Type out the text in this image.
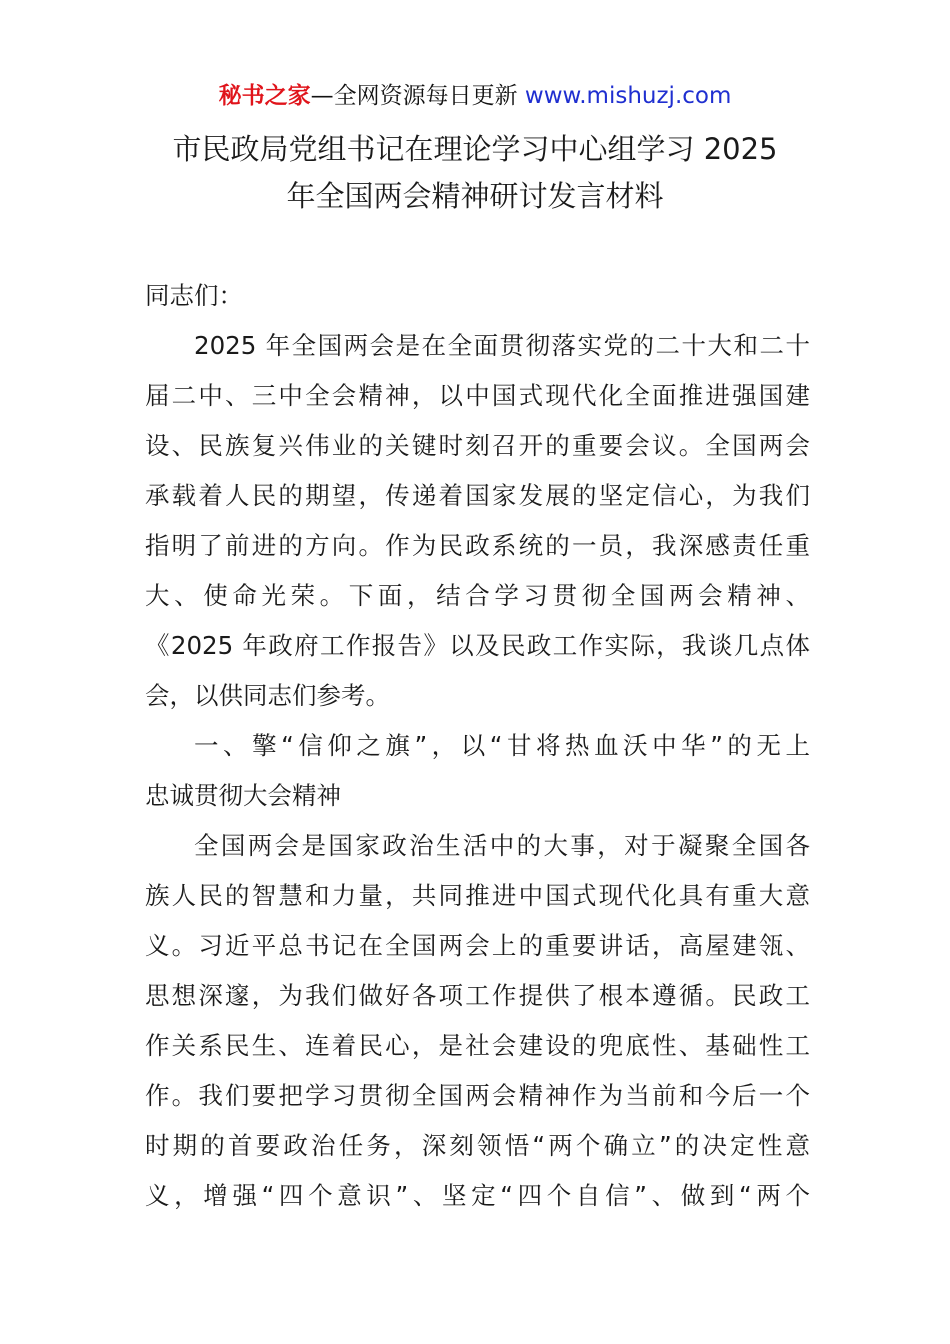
秘书之家—全网资源每日更新 www.mishuzj.com
市民政局党组书记在理论学习中心组学习 2025
年全国两会精神研讨发言材料
同志们：
2025 年全国两会是在全面贯彻落实党的二十大和二十
届二中、三中全会精神，以中国式现代化全面推进强国建
设、民族复兴伟业的关键时刻召开的重要会议。全国两会
承载着人民的期望，传递着国家发展的坚定信心，为我们
指明了前进的方向。作为民政系统的一员，我深感责任重
大、使命光荣。下面，结合学习贯彻全国两会精神、
《2025 年政府工作报告》以及民政工作实际，我谈几点体
会，以供同志们参考。
一、擎“信仰之旗”，以“甘将热血沃中华”的无上
忠诚贯彻大会精神
全国两会是国家政治生活中的大事，对于凝聚全国各
族人民的智慧和力量，共同推进中国式现代化具有重大意
义。习近平总书记在全国两会上的重要讲话，高屋建瓴、
思想深邃，为我们做好各项工作提供了根本遵循。民政工
作关系民生、连着民心，是社会建设的兜底性、基础性工
作。我们要把学习贯彻全国两会精神作为当前和今后一个
时期的首要政治任务，深刻领悟“两个确立”的决定性意
义，增强“四个意识”、坚定“四个自信”、做到“两个
